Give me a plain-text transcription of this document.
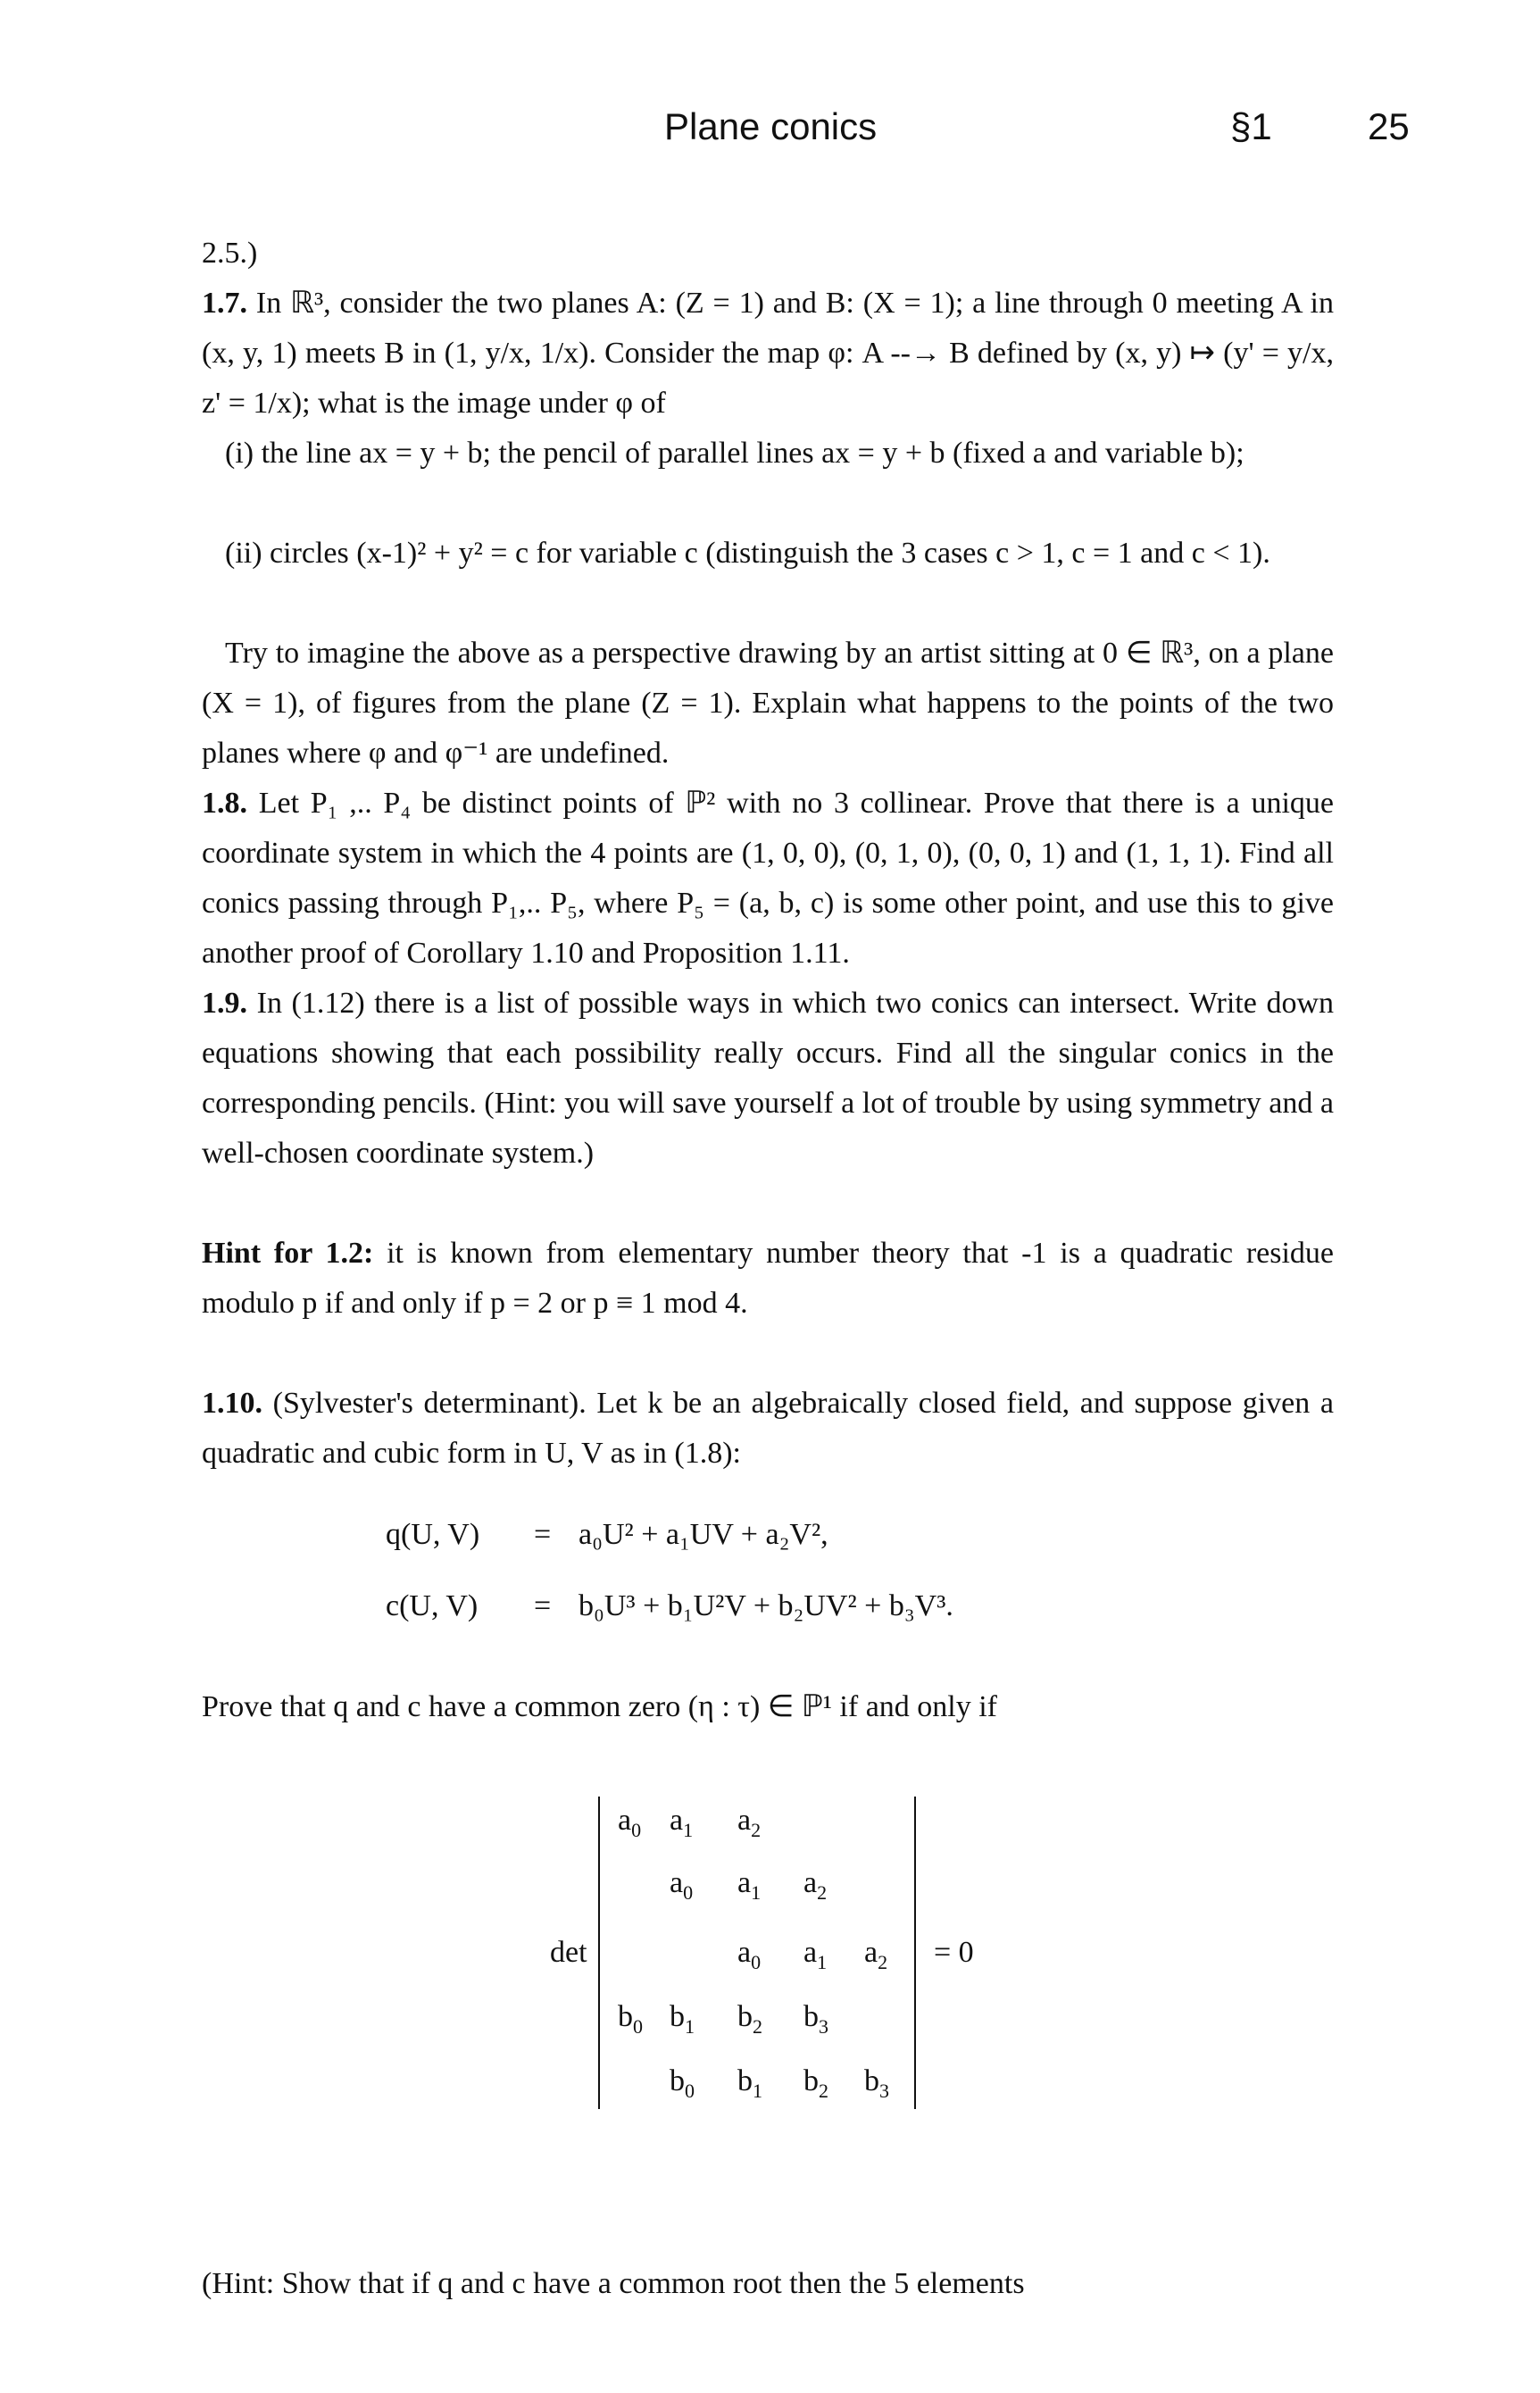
Plane conics	§1	25

2.5.)

1.7. In ℝ³, consider the two planes A: (Z = 1) and B: (X = 1); a line through 0 meeting A in (x, y, 1) meets B in (1, y/x, 1/x). Consider the map φ: A --→ B defined by (x, y) ↦ (y' = y/x, z' = 1/x); what is the image under φ of

(i) the line ax = y + b; the pencil of parallel lines ax = y + b (fixed a and variable b);

(ii) circles (x-1)² + y² = c for variable c (distinguish the 3 cases c > 1, c = 1 and c < 1).

Try to imagine the above as a perspective drawing by an artist sitting at 0 ∈ ℝ³, on a plane (X = 1), of figures from the plane (Z = 1). Explain what happens to the points of the two planes where φ and φ⁻¹ are undefined.

1.8. Let P₁ ,.. P₄ be distinct points of ℙ² with no 3 collinear. Prove that there is a unique coordinate system in which the 4 points are (1, 0, 0), (0, 1, 0), (0, 0, 1) and (1, 1, 1). Find all conics passing through P₁,.. P₅, where P₅ = (a, b, c) is some other point, and use this to give another proof of Corollary 1.10 and Proposition 1.11.

1.9. In (1.12) there is a list of possible ways in which two conics can intersect. Write down equations showing that each possibility really occurs. Find all the singular conics in the corresponding pencils. (Hint: you will save yourself a lot of trouble by using symmetry and a well-chosen coordinate system.)

Hint for 1.2: it is known from elementary number theory that -1 is a quadratic residue modulo p if and only if p = 2 or p ≡ 1 mod 4.

1.10. (Sylvester's determinant). Let k be an algebraically closed field, and suppose given a quadratic and cubic form in U, V as in (1.8):

q(U, V) = a₀U² + a₁UV + a₂V²,
c(U, V) = b₀U³ + b₁U²V + b₂UV² + b₃V³.

Prove that q and c have a common zero (η : τ) ∈ ℙ¹ if and only if

det
$a_0$ $a_1$ $a_2$
$a_0$ $a_1$ $a_2$
$a_0$ $a_1$ $a_2$
$b_0$ $b_1$ $b_2$ $b_3$
$b_0$ $b_1$ $b_2$ $b_3$
= 0

(Hint: Show that if q and c have a common root then the 5 elements
